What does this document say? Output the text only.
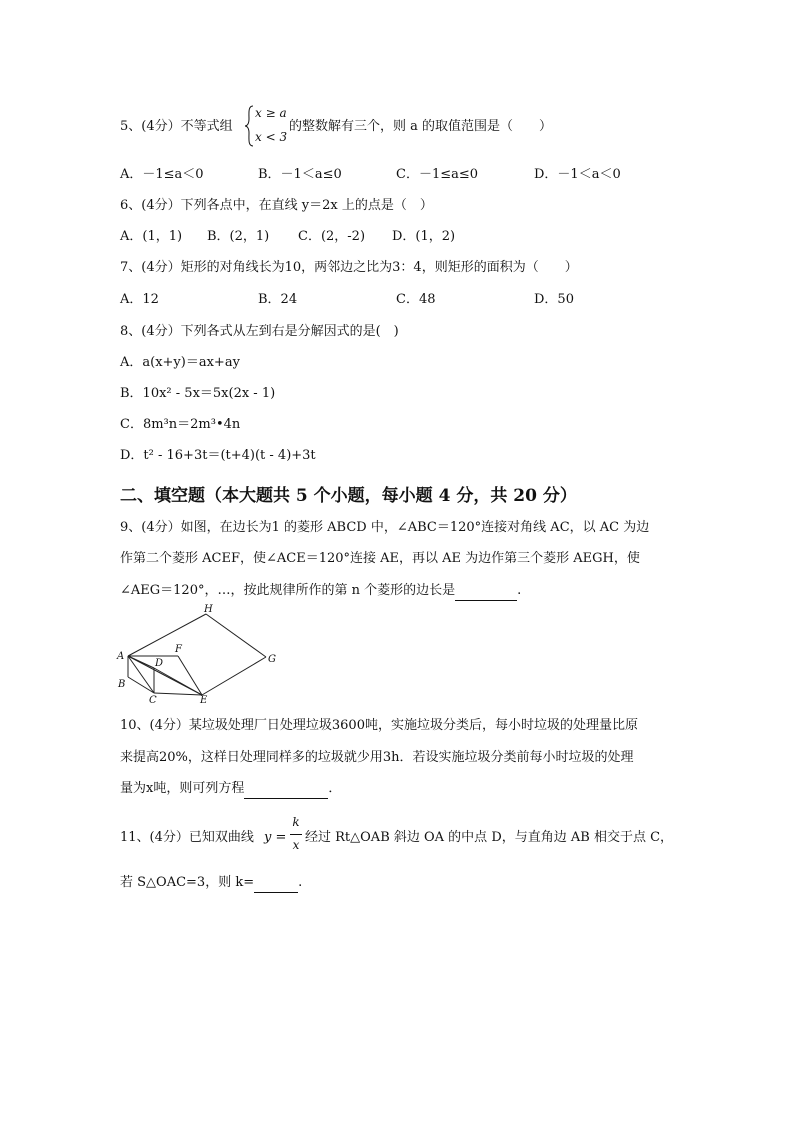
5、(4分）不等式组
x ≥ a
x < 3
的整数解有三个，则 a 的取值范围是（　　）
A．－1≤a＜0	B．－1＜a≤0	C．－1≤a≤0	D．－1＜a＜0
6、(4分）下列各点中，在直线 y＝2x 上的点是（　）
A．(1，1) B．(2，1) C．(2，-2) D．(1，2)
7、(4分）矩形的对角线长为10，两邻边之比为3：4，则矩形的面积为（　　）
A．12	B．24	C．48	D．50
8、(4分）下列各式从左到右是分解因式的是(　)
A．a(x+y)＝ax+ay
B．10x² - 5x＝5x(2x - 1)
C．8m³n＝2m³•4n
D．t² - 16+3t＝(t+4)(t - 4)+3t
二、填空题（本大题共 5 个小题，每小题 4 分，共 20 分）
9、(4分）如图，在边长为1 的菱形 ABCD 中，∠ABC＝120°连接对角线 AC，以 AC 为边
作第二个菱形 ACEF，使∠ACE＝120°连接 AE，再以 AE 为边作第三个菱形 AEGH，使
∠AEG＝120°，…，按此规律所作的第 n 个菱形的边长是	.
H
A
F
D	G
B
C	E
10、(4分）某垃圾处理厂日处理垃圾3600吨，实施垃圾分类后，每小时垃圾的处理量比原
来提高20%，这样日处理同样多的垃圾就少用3h．若设实施垃圾分类前每小时垃圾的处理
量为x吨，则可列方程	．
11、(4分）已知双曲线 y =
k
x 经过 Rt△OAB 斜边 OA 的中点 D，与直角边 AB 相交于点 C，
若 S△OAC=3，则 k=	.
